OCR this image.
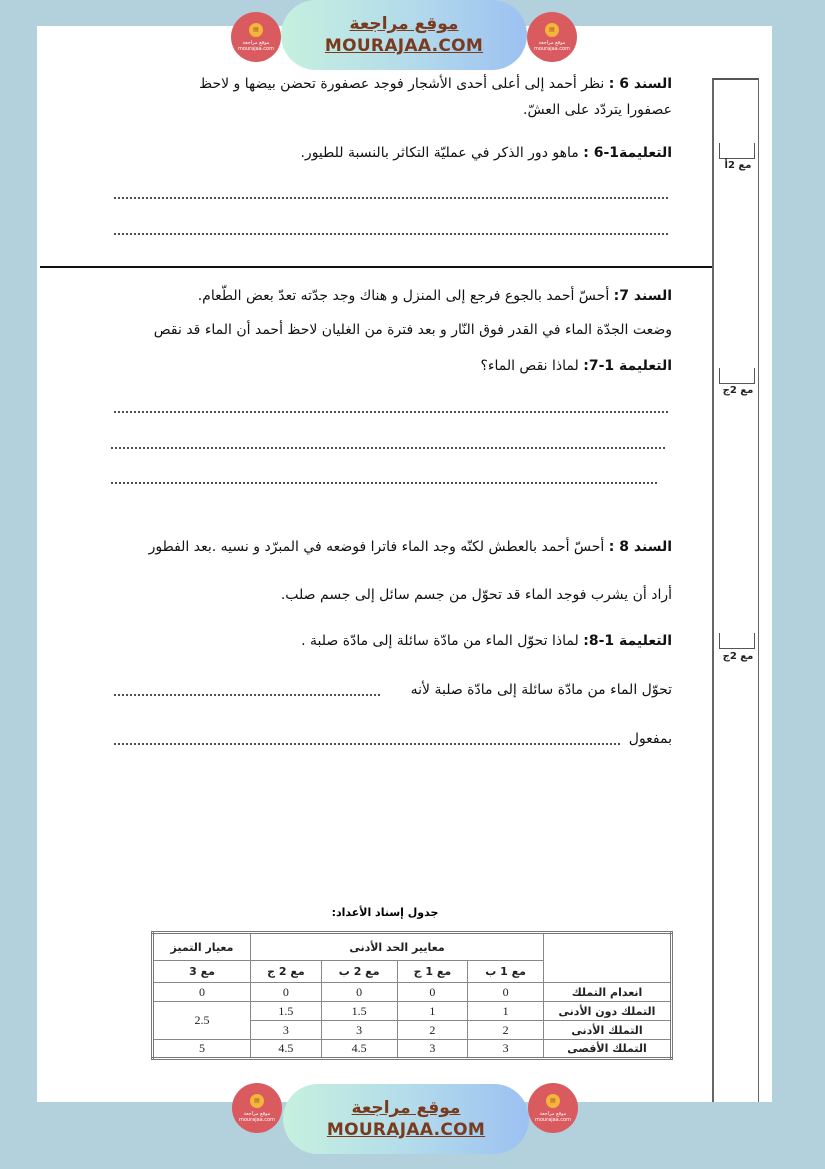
▤
موقع مراجعة
mourajaa.com
موقع مراجعة
MOURAJAA.COM
▤
موقع مراجعة
mourajaa.com
مع 2أ
مع 2ج
مع 2ج
السند 6 : نظر أحمد إلى أعلى أحدى الأشجار فوجد عصفورة تحضن بيضها و لاحظ
عصفورا يتردّد على العشّ.
التعليمة1-6 : ماهو دور الذكر في عمليّة التكاثر بالنسبة للطيور.
السند 7: أحسّ أحمد بالجوع فرجع إلى المنزل و هناك وجد جدّته تعدّ بعض الطّعام.
وضعت الجدّة الماء في القدر فوق النّار و بعد فترة من الغليان لاحظ أحمد أن الماء قد نقص
التعليمة 1-7: لماذا نقص الماء؟
السند 8 : أحسّ أحمد بالعطش لكنّه وجد الماء فاترا فوضعه في المبرّد و نسيه .بعد الفطور
أراد أن يشرب فوجد الماء قد تحوّل من جسم سائل إلى جسم صلب.
التعليمة 1-8: لماذا تحوّل الماء من مادّة سائلة إلى مادّة صلبة .
تحوّل الماء من مادّة سائلة إلى مادّة صلبة لأنه
بمفعول
جدول إسناد الأعداد:
	معايير الحد الأدنى				معيار التميز
	مع 1 ب	مع 1 ج	مع 2 ب	مع 2 ج	مع 3
انعدام التملك	0	0	0	0	0
التملك دون الأدنى	1	1	1.5	1.5	2.5
التملك الأدنى	2	2	3	3	
التملك الأقصى	3	3	4.5	4.5	5
▤
موقع مراجعة
mourajaa.com
موقع مراجعة
MOURAJAA.COM
▤
موقع مراجعة
mourajaa.com
